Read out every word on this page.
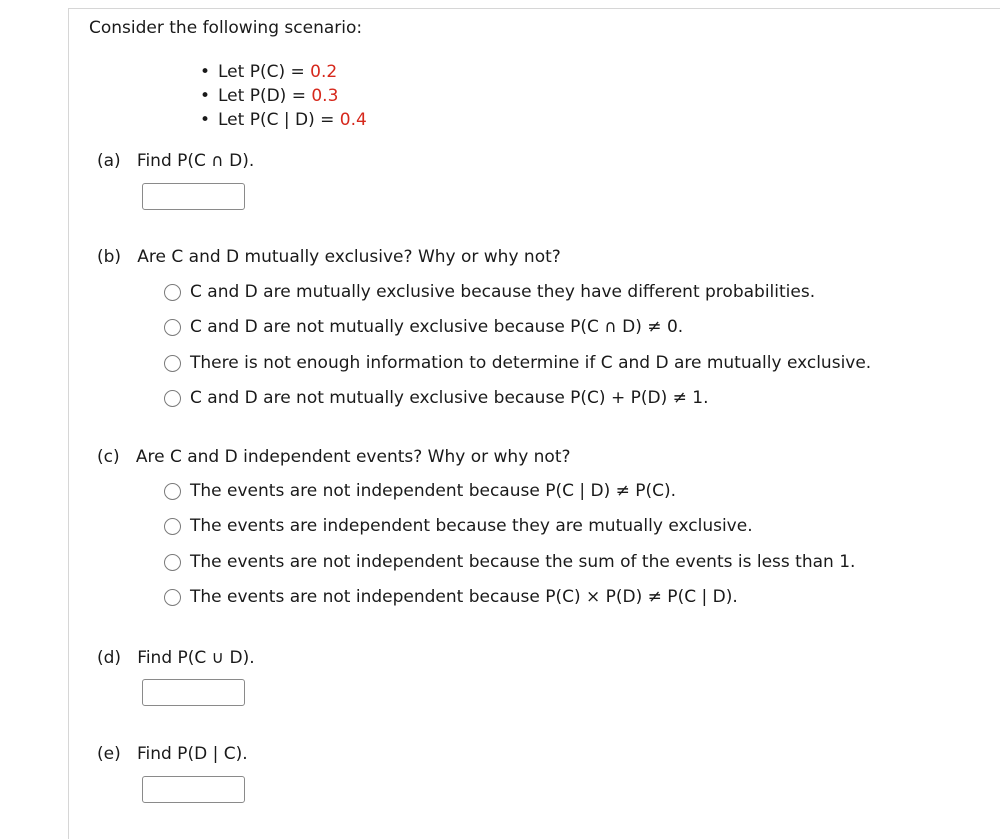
Consider the following scenario:
• Let P(C) = 0.2
• Let P(D) = 0.3
• Let P(C | D) = 0.4
(a) Find P(C ∩ D).
(b) Are C and D mutually exclusive? Why or why not?
C and D are mutually exclusive because they have different probabilities.
C and D are not mutually exclusive because P(C ∩ D) ≠ 0.
There is not enough information to determine if C and D are mutually exclusive.
C and D are not mutually exclusive because P(C) + P(D) ≠ 1.
(c) Are C and D independent events? Why or why not?
The events are not independent because P(C | D) ≠ P(C).
The events are independent because they are mutually exclusive.
The events are not independent because the sum of the events is less than 1.
The events are not independent because P(C) × P(D) ≠ P(C | D).
(d) Find P(C ∪ D).
(e) Find P(D | C).
